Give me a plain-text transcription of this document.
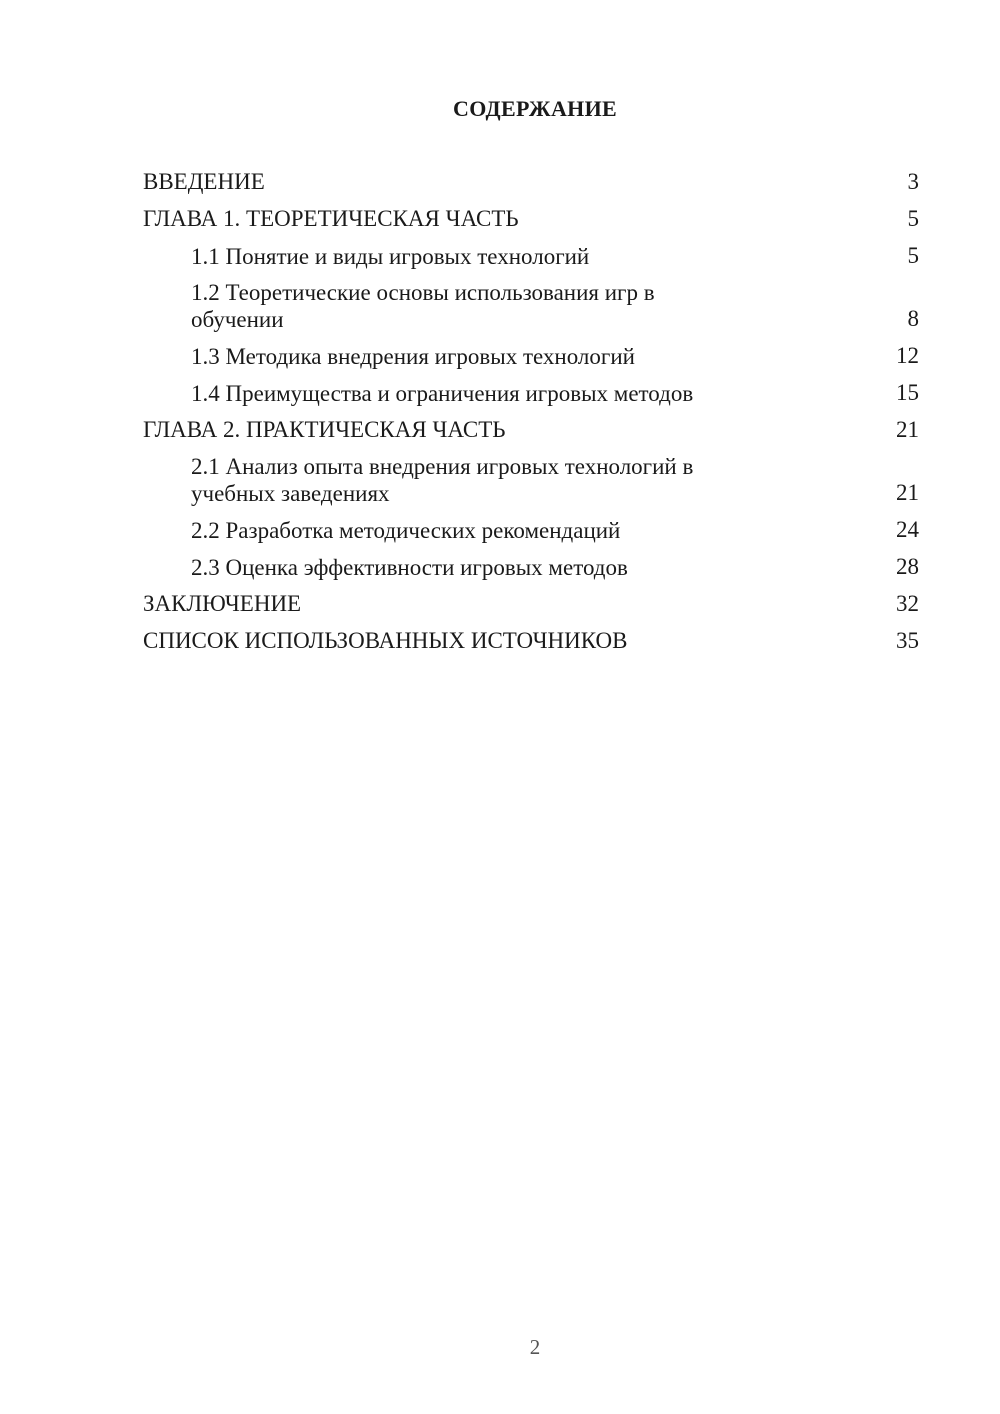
СОДЕРЖАНИЕ
ВВЕДЕНИЕ	3
ГЛАВА 1. ТЕОРЕТИЧЕСКАЯ ЧАСТЬ	5
1.1 Понятие и виды игровых технологий	5
1.2 Теоретические основы использования игр в обучении	8
1.3 Методика внедрения игровых технологий	12
1.4 Преимущества и ограничения игровых методов	15
ГЛАВА 2. ПРАКТИЧЕСКАЯ ЧАСТЬ	21
2.1 Анализ опыта внедрения игровых технологий в учебных заведениях	21
2.2 Разработка методических рекомендаций	24
2.3 Оценка эффективности игровых методов	28
ЗАКЛЮЧЕНИЕ	32
СПИСОК ИСПОЛЬЗОВАННЫХ ИСТОЧНИКОВ	35
2
